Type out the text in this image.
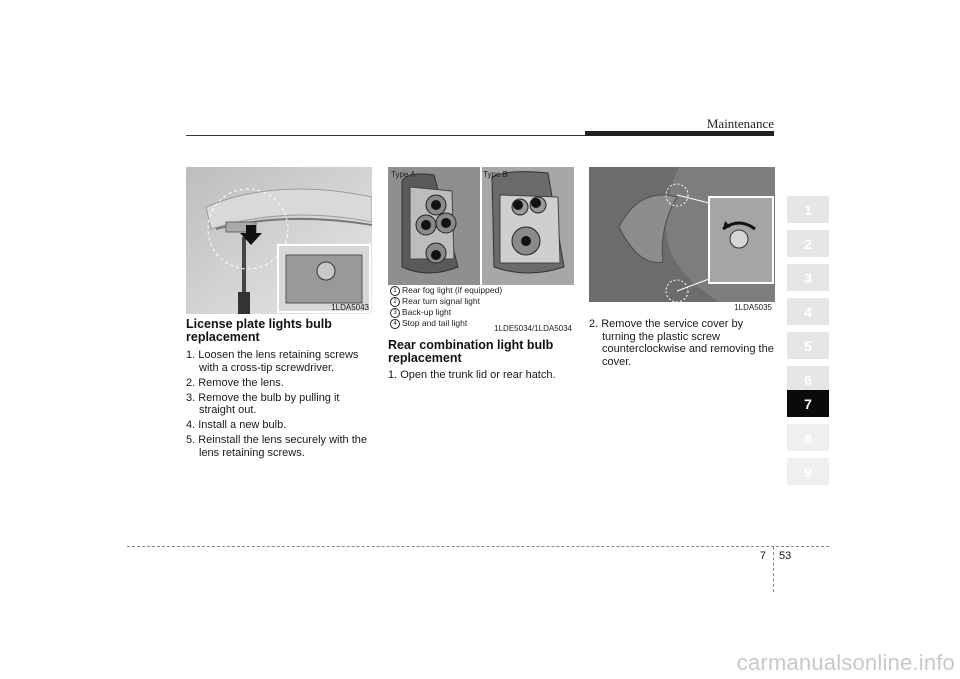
Maintenance
1
2
3
4
5
6
7
8
9
1LDA5043
License plate lights bulb replacement
1. Loosen the lens retaining screws with a cross-tip screwdriver.
2. Remove the lens.
3. Remove the bulb by pulling it straight out.
4. Install a new bulb.
5. Reinstall the lens securely with the lens retaining screws.
Type A	Type B
1 Rear fog light (if equipped)
2 Rear turn signal light
3 Back-up light
4 Stop and tail light
1LDE5034/1LDA5034
Rear combination light bulb replacement
1. Open the trunk lid or rear hatch.
1LDA5035
2. Remove the service cover by turning the plastic screw counterclockwise and removing the cover.
7 53
carmanualsonline.info
